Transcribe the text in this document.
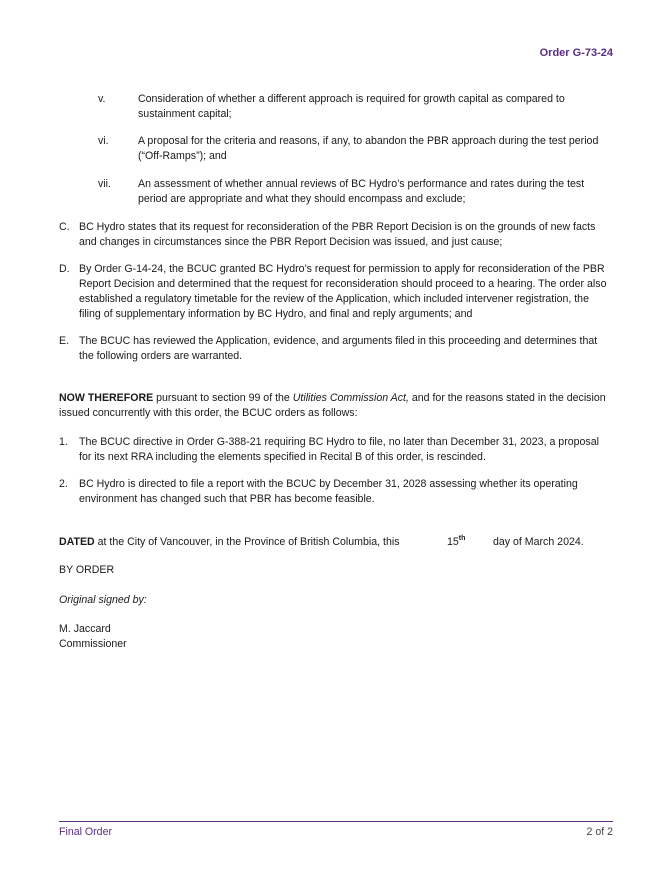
Order G-73-24
v.	Consideration of whether a different approach is required for growth capital as compared to sustainment capital;
vi.	A proposal for the criteria and reasons, if any, to abandon the PBR approach during the test period (“Off-Ramps”); and
vii.	An assessment of whether annual reviews of BC Hydro’s performance and rates during the test period are appropriate and what they should encompass and exclude;
C. BC Hydro states that its request for reconsideration of the PBR Report Decision is on the grounds of new facts and changes in circumstances since the PBR Report Decision was issued, and just cause;
D. By Order G-14-24, the BCUC granted BC Hydro’s request for permission to apply for reconsideration of the PBR Report Decision and determined that the request for reconsideration should proceed to a hearing. The order also established a regulatory timetable for the review of the Application, which included intervener registration, the filing of supplementary information by BC Hydro, and final and reply arguments; and
E. The BCUC has reviewed the Application, evidence, and arguments filed in this proceeding and determines that the following orders are warranted.
NOW THEREFORE pursuant to section 99 of the Utilities Commission Act, and for the reasons stated in the decision issued concurrently with this order, the BCUC orders as follows:
1.	The BCUC directive in Order G-388-21 requiring BC Hydro to file, no later than December 31, 2023, a proposal for its next RRA including the elements specified in Recital B of this order, is rescinded.
2.	BC Hydro is directed to file a report with the BCUC by December 31, 2028 assessing whether its operating environment has changed such that PBR has become feasible.
DATED at the City of Vancouver, in the Province of British Columbia, this	15th	day of March 2024.
BY ORDER
Original signed by:
M. Jaccard
Commissioner
Final Order	2 of 2
